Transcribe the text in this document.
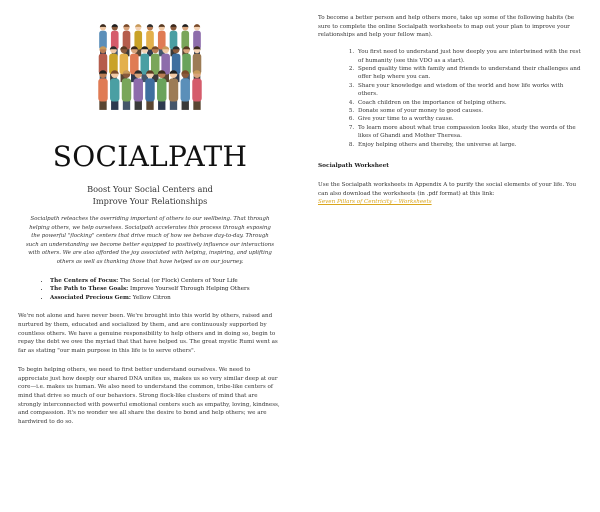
SOCIALPATH
Boost Your Social Centers and
Improve Your Relationships
Socialpath reteaches the overriding important of others to our wellbeing. That through helping others, we help ourselves. Socialpath accelerates this process through exposing the powerful "flocking" centers that drive much of how we behave day-to-day. Through such an understanding we become better equipped to positively influence our interactions with others. We are also afforded the joy associated with helping, inspiring, and uplifting others as well as thanking those that have helped us on our journey.
• The Centers of Focus: The Social (or Flock) Centers of Your Life
• The Path to These Goals: Improve Yourself Through Helping Others
• Associated Precious Gem: Yellow Citron

We're not alone and have never been. We're brought into this world by others, raised and nurtured by them, educated and socialized by them, and are continuously supported by countless others. We have a genuine responsibility to help others and in doing so, begin to repay the debt we owe the myriad that that have helped us. The great mystic Rumi went as far as stating "our main purpose in this life is to serve others".

To begin helping others, we need to first better understand ourselves. We need to appreciate just how deeply our shared DNA unites us, makes us so very similar deep at our core—i.e. makes us human. We also need to understand the common, tribe-like centers of mind that drive so much of our behaviors. Strong flock-like clusters of mind that are strongly interconnected with powerful emotional centers such as empathy, loving, kindness, and compassion. It's no wonder we all share the desire to bond and help others; we are hardwired to do so.

To become a better person and help others more, take up some of the following habits (be sure to complete the online Socialpath worksheets to map out your plan to improve your relationships and help your fellow man).

1. You first need to understand just how deeply you are intertwined with the rest of humanity (see this VDO as a start).
2. Spend quality time with family and friends to understand their challenges and offer help where you can.
3. Share your knowledge and wisdom of the world and how life works with others.
4. Coach children on the importance of helping others.
5. Donate some of your money to good causes.
6. Give your time to a worthy cause.
7. To learn more about what true compassion looks like, study the words of the likes of Ghandi and Mother Theresa.
8. Enjoy helping others and thereby, the universe at large.
Socialpath Worksheet

Use the Socialpath worksheets in Appendix A to purify the social elements of your life. You can also download the worksheets (in .pdf format) at this link:
Seven Pillars of Centricity – Worksheets
